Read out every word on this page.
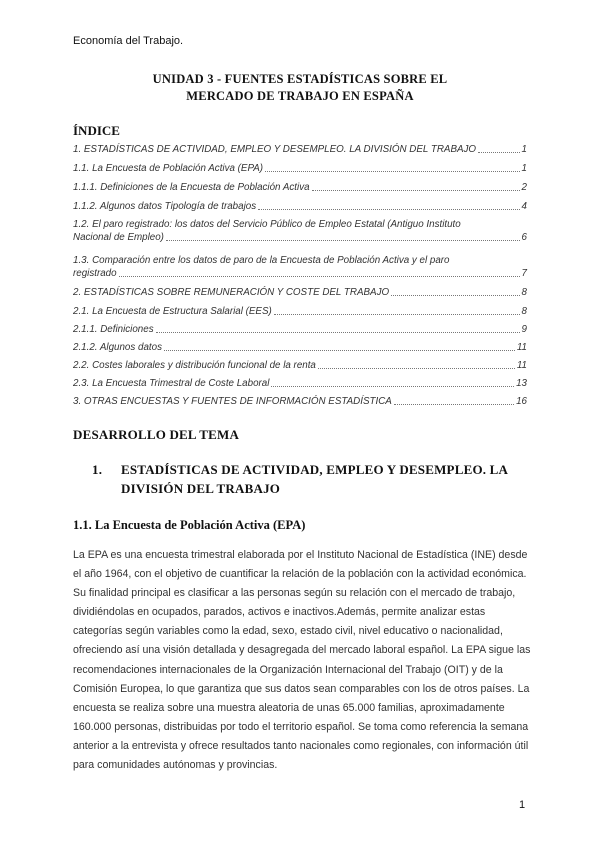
Economía del Trabajo.
UNIDAD 3 - FUENTES ESTADÍSTICAS SOBRE EL
MERCADO DE TRABAJO EN ESPAÑA
ÍNDICE
1. ESTADÍSTICAS DE ACTIVIDAD, EMPLEO Y DESEMPLEO. LA DIVISIÓN DEL TRABAJO	1
1.1. La Encuesta de Población Activa (EPA)	1
1.1.1. Definiciones de la Encuesta de Población Activa	2
1.1.2. Algunos datos Tipología de trabajos	4
1.2. El paro registrado: los datos del Servicio Público de Empleo Estatal (Antiguo Instituto
Nacional de Empleo)	6
1.3. Comparación entre los datos de paro de la Encuesta de Población Activa y el paro
registrado	7
2. ESTADÍSTICAS SOBRE REMUNERACIÓN Y COSTE DEL TRABAJO	8
2.1. La Encuesta de Estructura Salarial (EES)	8
2.1.1. Definiciones	9
2.1.2. Algunos datos	11
2.2. Costes laborales y distribución funcional de la renta	11
2.3. La Encuesta Trimestral de Coste Laboral	13
3. OTRAS ENCUESTAS Y FUENTES DE INFORMACIÓN ESTADÍSTICA	16
DESARROLLO DEL TEMA
1. ESTADÍSTICAS DE ACTIVIDAD, EMPLEO Y DESEMPLEO. LA DIVISIÓN DEL TRABAJO
1.1. La Encuesta de Población Activa (EPA)
La EPA es una encuesta trimestral elaborada por el Instituto Nacional de Estadística (INE) desde el año 1964, con el objetivo de cuantificar la relación de la población con la actividad económica. Su finalidad principal es clasificar a las personas según su relación con el mercado de trabajo, dividiéndolas en ocupados, parados, activos e inactivos.Además, permite analizar estas categorías según variables como la edad, sexo, estado civil, nivel educativo o nacionalidad, ofreciendo así una visión detallada y desagregada del mercado laboral español. La EPA sigue las recomendaciones internacionales de la Organización Internacional del Trabajo (OIT) y de la Comisión Europea, lo que garantiza que sus datos sean comparables con los de otros países. La encuesta se realiza sobre una muestra aleatoria de unas 65.000 familias, aproximadamente 160.000 personas, distribuidas por todo el territorio español. Se toma como referencia la semana anterior a la entrevista y ofrece resultados tanto nacionales como regionales, con información útil para comunidades autónomas y provincias.
1
